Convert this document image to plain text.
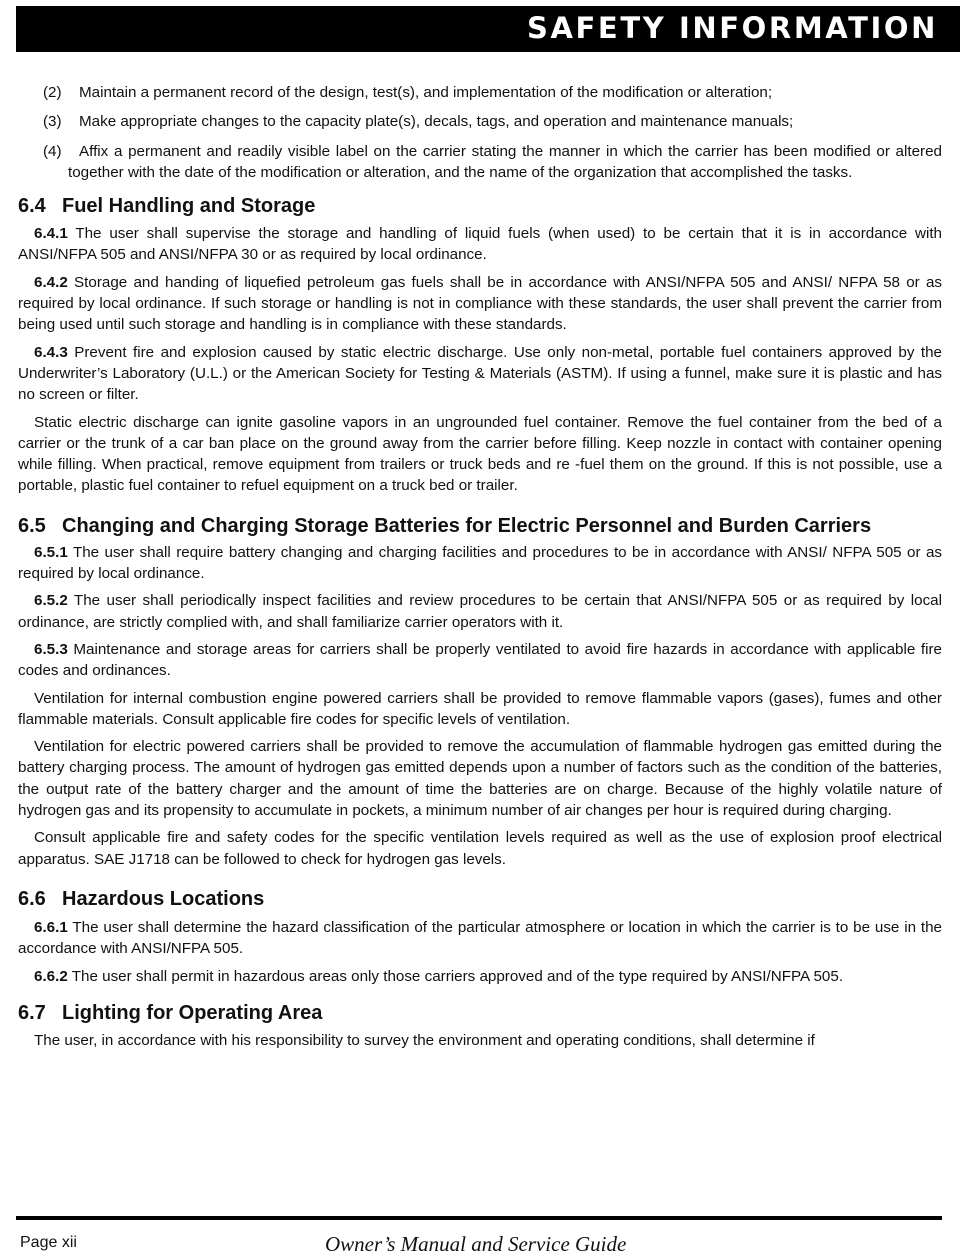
SAFETY INFORMATION

(2) Maintain a permanent record of the design, test(s), and implementation of the modification or alteration;

(3) Make appropriate changes to the capacity plate(s), decals, tags, and operation and maintenance manuals;

(4) Affix a permanent and readily visible label on the carrier stating the manner in which the carrier has been modified or altered together with the date of the modification or alteration, and the name of the organization that accomplished the tasks.

6.4 Fuel Handling and Storage

6.4.1 The user shall supervise the storage and handling of liquid fuels (when used) to be certain that it is in accordance with ANSI/NFPA 505 and ANSI/NFPA 30 or as required by local ordinance.

6.4.2 Storage and handing of liquefied petroleum gas fuels shall be in accordance with ANSI/NFPA 505 and ANSI/ NFPA 58 or as required by local ordinance. If such storage or handling is not in compliance with these standards, the user shall prevent the carrier from being used until such storage and handling is in compliance with these standards.

6.4.3 Prevent fire and explosion caused by static electric discharge. Use only non-metal, portable fuel containers approved by the Underwriter’s Laboratory (U.L.) or the American Society for Testing & Materials (ASTM). If using a funnel, make sure it is plastic and has no screen or filter.

Static electric discharge can ignite gasoline vapors in an ungrounded fuel container. Remove the fuel container from the bed of a carrier or the trunk of a car ban place on the ground away from the carrier before filling. Keep nozzle in contact with container opening while filling. When practical, remove equipment from trailers or truck beds and re -fuel them on the ground. If this is not possible, use a portable, plastic fuel container to refuel equipment on a truck bed or trailer.

6.5 Changing and Charging Storage Batteries for Electric Personnel and Burden Carriers

6.5.1 The user shall require battery changing and charging facilities and procedures to be in accordance with ANSI/ NFPA 505 or as required by local ordinance.

6.5.2 The user shall periodically inspect facilities and review procedures to be certain that ANSI/NFPA 505 or as required by local ordinance, are strictly complied with, and shall familiarize carrier operators with it.

6.5.3 Maintenance and storage areas for carriers shall be properly ventilated to avoid fire hazards in accordance with applicable fire codes and ordinances.

Ventilation for internal combustion engine powered carriers shall be provided to remove flammable vapors (gases), fumes and other flammable materials. Consult applicable fire codes for specific levels of ventilation.

Ventilation for electric powered carriers shall be provided to remove the accumulation of flammable hydrogen gas emitted during the battery charging process. The amount of hydrogen gas emitted depends upon a number of factors such as the condition of the batteries, the output rate of the battery charger and the amount of time the batteries are on charge. Because of the highly volatile nature of hydrogen gas and its propensity to accumulate in pockets, a minimum number of air changes per hour is required during charging.

Consult applicable fire and safety codes for the specific ventilation levels required as well as the use of explosion proof electrical apparatus. SAE J1718 can be followed to check for hydrogen gas levels.

6.6 Hazardous Locations

6.6.1 The user shall determine the hazard classification of the particular atmosphere or location in which the carrier is to be use in the accordance with ANSI/NFPA 505.

6.6.2 The user shall permit in hazardous areas only those carriers approved and of the type required by ANSI/NFPA 505.

6.7 Lighting for Operating Area

The user, in accordance with his responsibility to survey the environment and operating conditions, shall determine if

Page xii	Owner’s Manual and Service Guide
